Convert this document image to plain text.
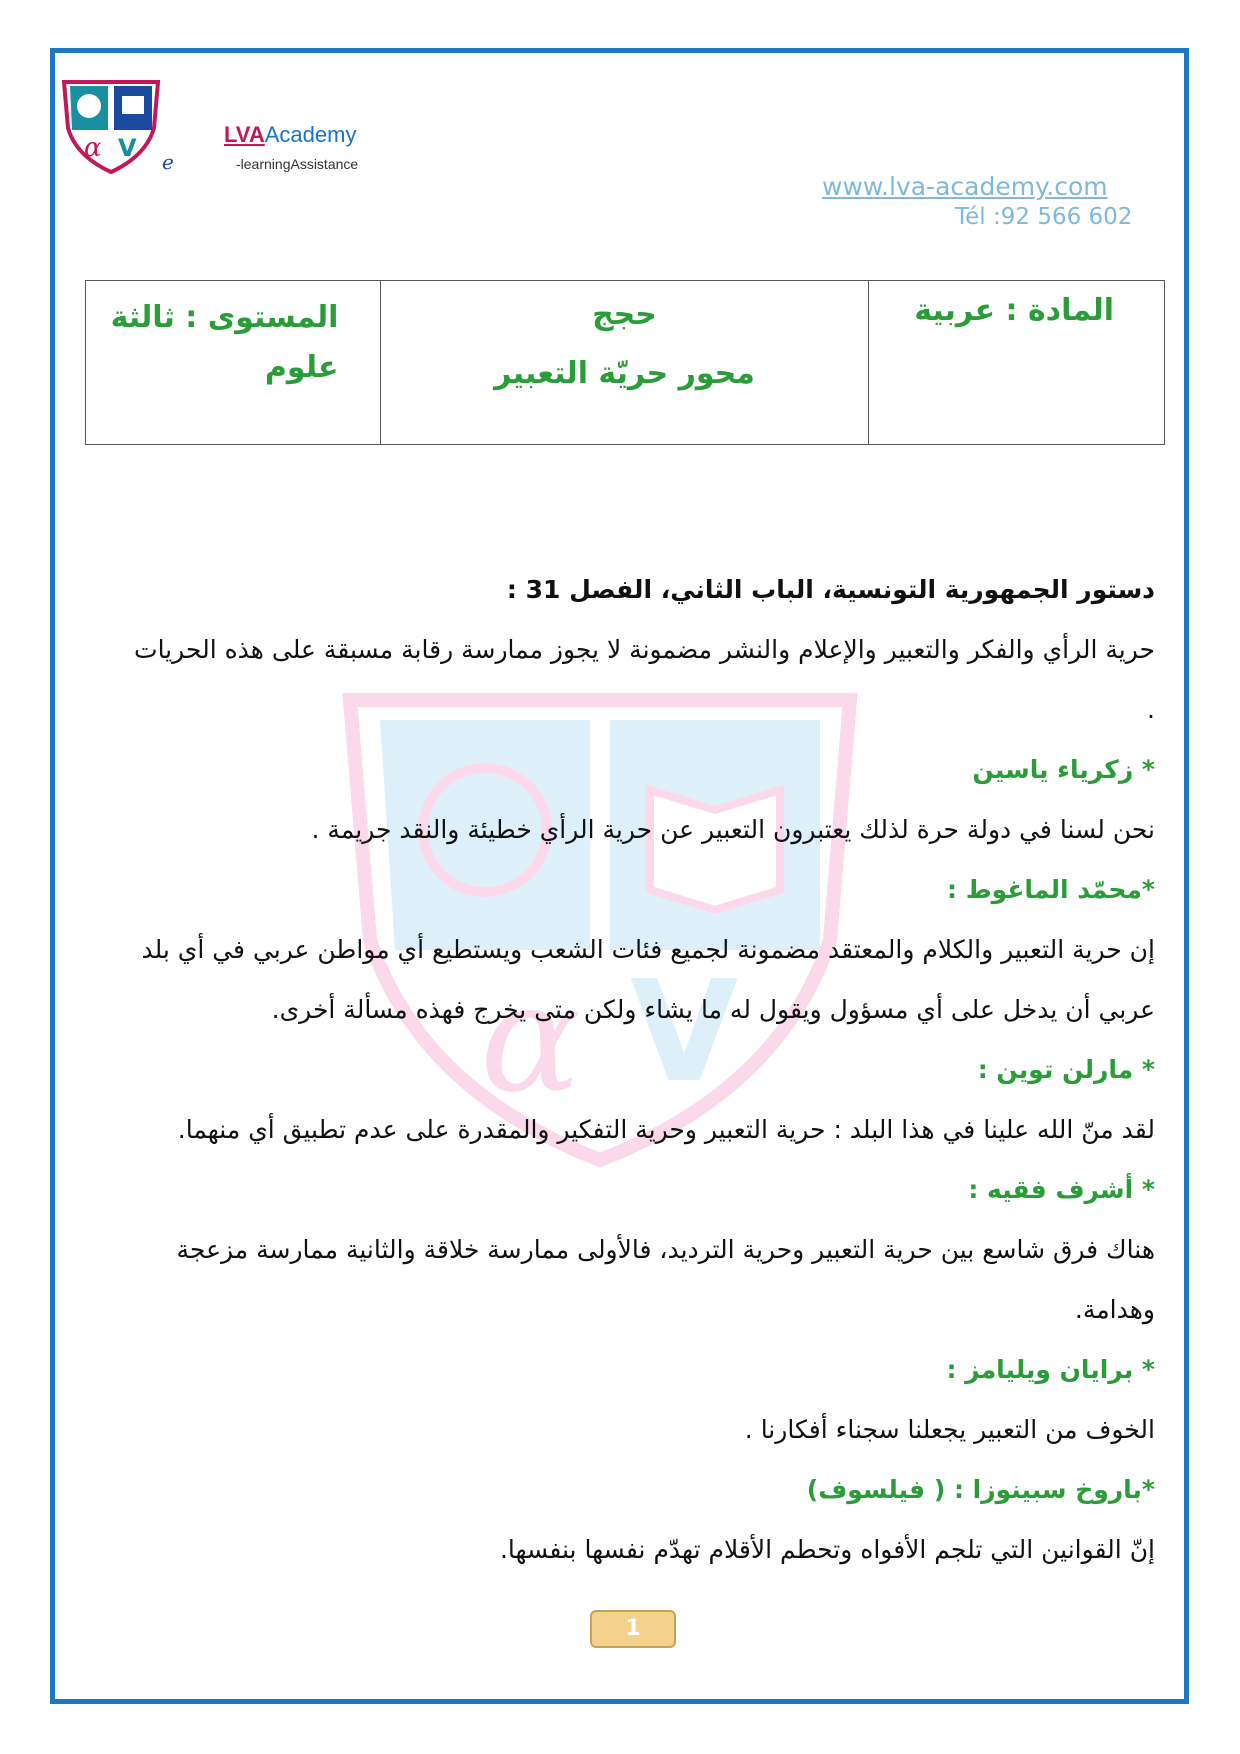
α V e
LVAAcademy
-learningAssistance
www.lva-academy.com
Tél :92 566 602
المستوى : ثالثة
علوم
حجج
محور حريّة التعبير
المادة : عربية
α V

دستور الجمهورية التونسية، الباب الثاني، الفصل 31 :

حرية الرأي والفكر والتعبير والإعلام والنشر مضمونة لا يجوز ممارسة رقابة مسبقة على هذه الحريات .

* زكرياء ياسين

نحن لسنا في دولة حرة لذلك يعتبرون التعبير عن حرية الرأي خطيئة والنقد جريمة .

*محمّد الماغوط :

إن حرية التعبير والكلام والمعتقد مضمونة لجميع فئات الشعب ويستطيع أي مواطن عربي في أي بلد عربي أن يدخل على أي مسؤول ويقول له ما يشاء ولكن متى يخرج فهذه مسألة أخرى.

* مارلن توين :

لقد منّ الله علينا في هذا البلد : حرية التعبير وحرية التفكير والمقدرة على عدم تطبيق أي منهما.

* أشرف فقيه :

هناك فرق شاسع بين حرية التعبير وحرية الترديد، فالأولى ممارسة خلاقة والثانية ممارسة مزعجة وهدامة.

* برايان ويليامز :

الخوف من التعبير يجعلنا سجناء أفكارنا .

*باروخ سبينوزا : ( فيلسوف)

إنّ القوانين التي تلجم الأفواه وتحطم الأقلام تهدّم نفسها بنفسها.

1
